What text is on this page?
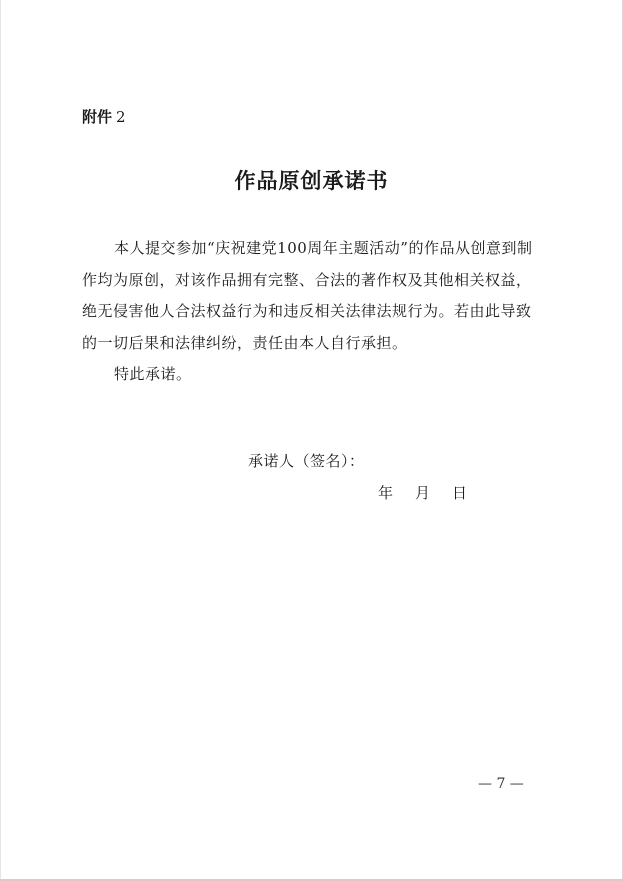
附件 2
作品原创承诺书

本人提交参加“庆祝建党100周年主题活动”的作品从创意到制作均为原创，对该作品拥有完整、合法的著作权及其他相关权益，绝无侵害他人合法权益行为和违反相关法律法规行为。若由此导致的一切后果和法律纠纷，责任由本人自行承担。

特此承诺。

承诺人（签名）：
年 月 日
— 7 —
